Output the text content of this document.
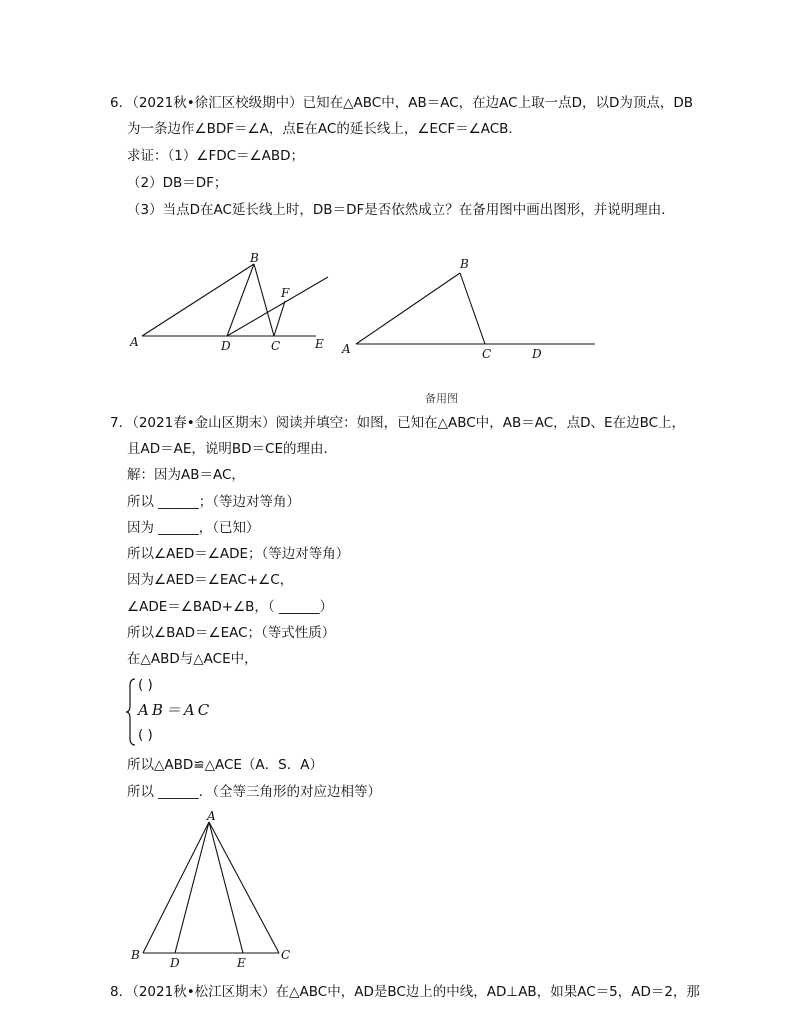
6．（2021秋•徐汇区校级期中）已知在△ABC中，AB＝AC，在边AC上取一点D，以D为顶点，DB
为一条边作∠BDF＝∠A，点E在AC的延长线上，∠ECF＝∠ACB．
求证：（1）∠FDC＝∠ABD；
（2）DB＝DF；
（3）当点D在AC延长线上时，DB＝DF是否依然成立？在备用图中画出图形，并说明理由．
A
B
D	C
F
E A
B
C	D
备用图
7．（2021春•金山区期末）阅读并填空：如图，已知在△ABC中，AB＝AC，点D、E在边BC上，
且AD＝AE，说明BD＝CE的理由．
解：因为AB＝AC，
所以 ______；（等边对等角）
因为 ______，（已知）
所以∠AED＝∠ADE；（等边对等角）
因为∠AED＝∠EAC+∠C，
∠ADE＝∠BAD+∠B，（ ______）
所以∠BAD＝∠EAC；（等式性质）
在△ABD与△ACE中，
( )
AB＝AC
( )
所以△ABD≌△ACE（A．S．A）
所以 ______．（全等三角形的对应边相等）
A
B
D	E
C
8．（2021秋•松江区期末）在△ABC中，AD是BC边上的中线，AD⊥AB，如果AC＝5，AD＝2，那
